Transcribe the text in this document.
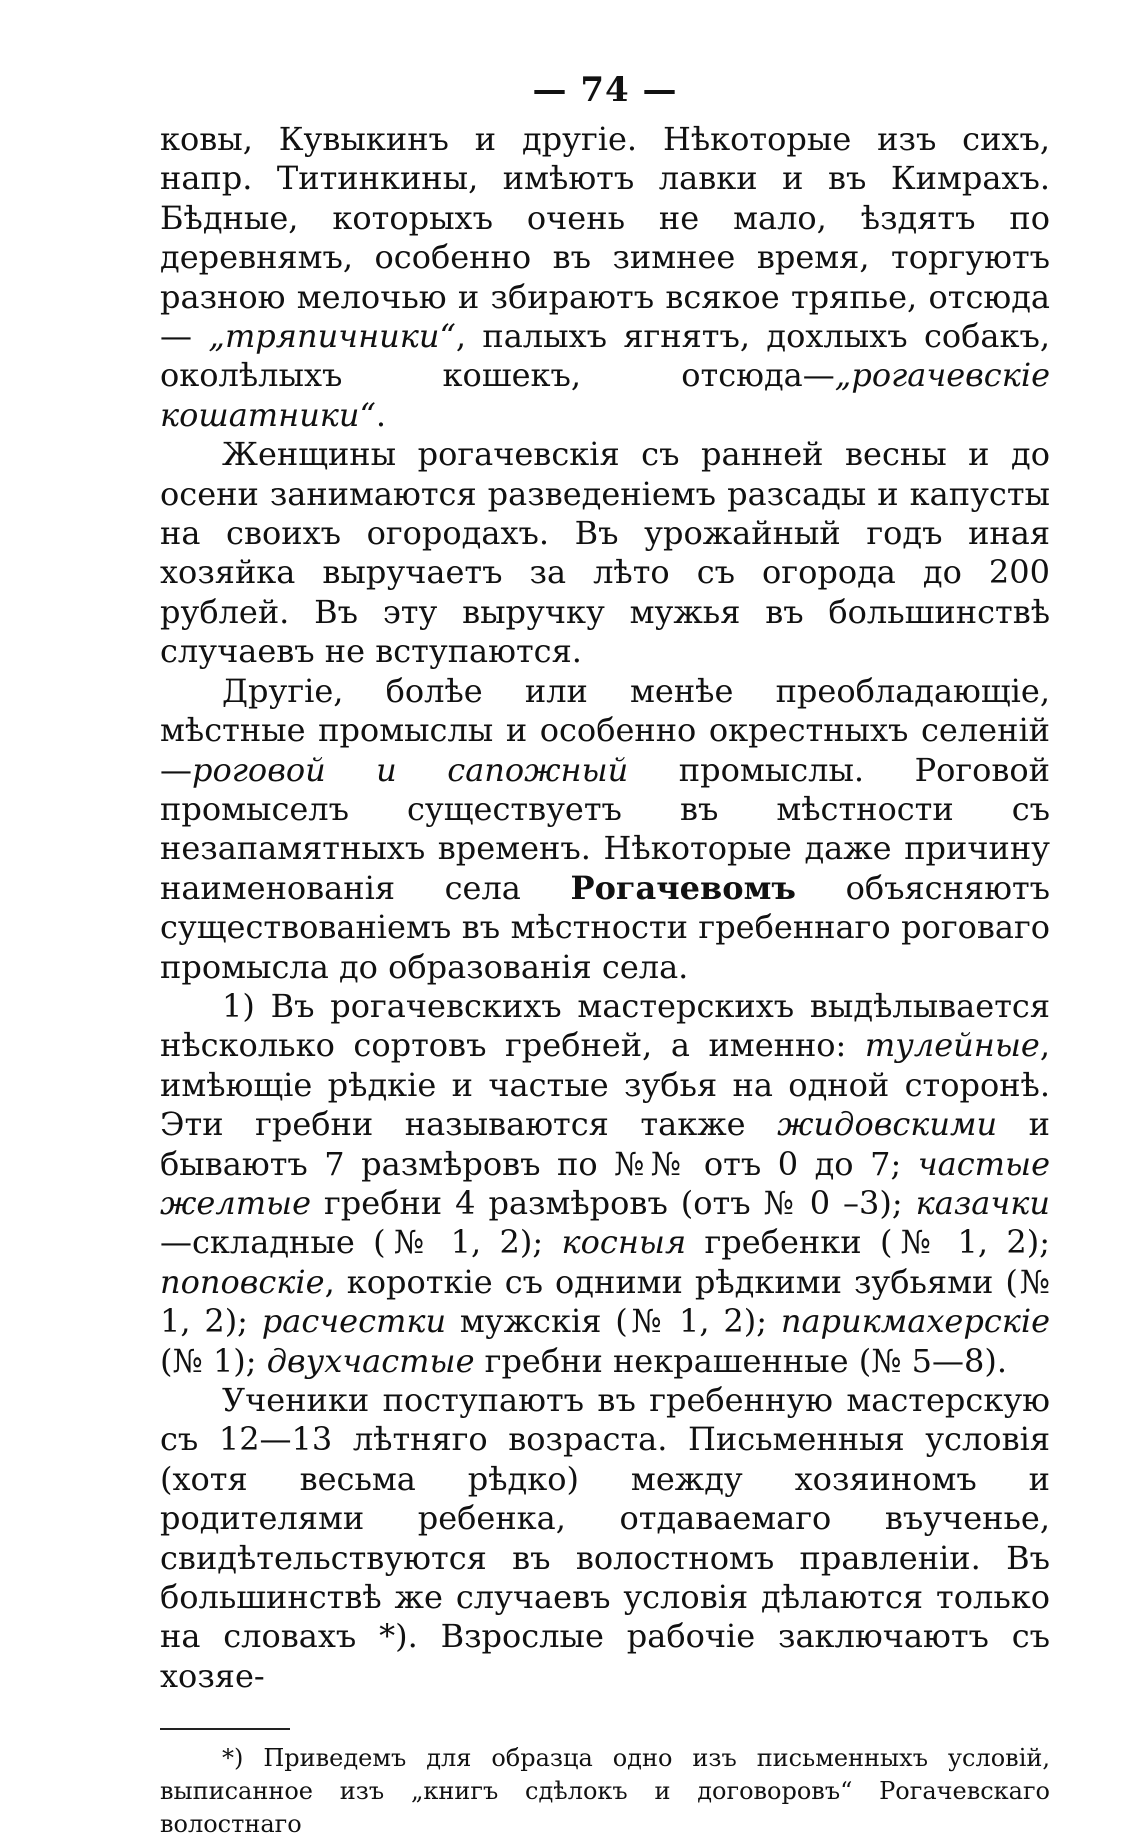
— 74 —

ковы, Кувыкинъ и другіе. Нѣкоторые изъ сихъ, напр. Титинкины, имѣютъ лавки и въ Кимрахъ. Бѣдные, которыхъ очень не мало, ѣздятъ по деревнямъ, особенно въ зимнее время, торгуютъ разною мелочью и збираютъ всякое тряпье, отсюда — „тряпичники“, палыхъ ягнятъ, дохлыхъ собакъ, околѣлыхъ кошекъ, отсюда—„рогачевскіе кошатники“.

Женщины рогачевскія съ ранней весны и до осени занимаются разведеніемъ разсады и капусты на своихъ огородахъ. Въ урожайный годъ иная хозяйка выручаетъ за лѣто съ огорода до 200 рублей. Въ эту выручку мужья въ большинствѣ случаевъ не вступаются.

Другіе, болѣе или менѣе преобладающіе, мѣстные промыслы и особенно окрестныхъ селеній—роговой и сапожный промыслы. Роговой промыселъ существуетъ въ мѣстности съ незапамятныхъ временъ. Нѣкоторые даже причину наименованія села Рогачевомъ объясняютъ существованіемъ въ мѣстности гребеннаго роговаго промысла до образованія села.

1) Въ рогачевскихъ мастерскихъ выдѣлывается нѣсколько сортовъ гребней, а именно: тулейные, имѣющіе рѣдкіе и частые зубья на одной сторонѣ. Эти гребни называются также жидовскими и бываютъ 7 размѣровъ по №№ отъ 0 до 7; частые желтые гребни 4 размѣровъ (отъ № 0 –3); казачки—складные (№ 1, 2); косныя гребенки (№ 1, 2); поповскіе, короткіе съ одними рѣдкими зубьями (№ 1, 2); расчестки мужскія (№ 1, 2); парикмахерскіе (№ 1); двухчастые гребни некрашенные (№ 5—8).

Ученики поступаютъ въ гребенную мастерскую съ 12—13 лѣтняго возраста. Письменныя условія (хотя весьма рѣдко) между хозяиномъ и родителями ребенка, отдаваемаго въученье, свидѣтельствуются въ волостномъ правленіи. Въ большинствѣ же случаевъ условія дѣлаются только на словахъ *). Взрослые рабочіе заключаютъ съ хозяе-

*) Приведемъ для образца одно изъ письменныхъ условій, выписанное изъ „книгъ сдѣлокъ и договоровъ“ Рогачевскаго волостнаго
